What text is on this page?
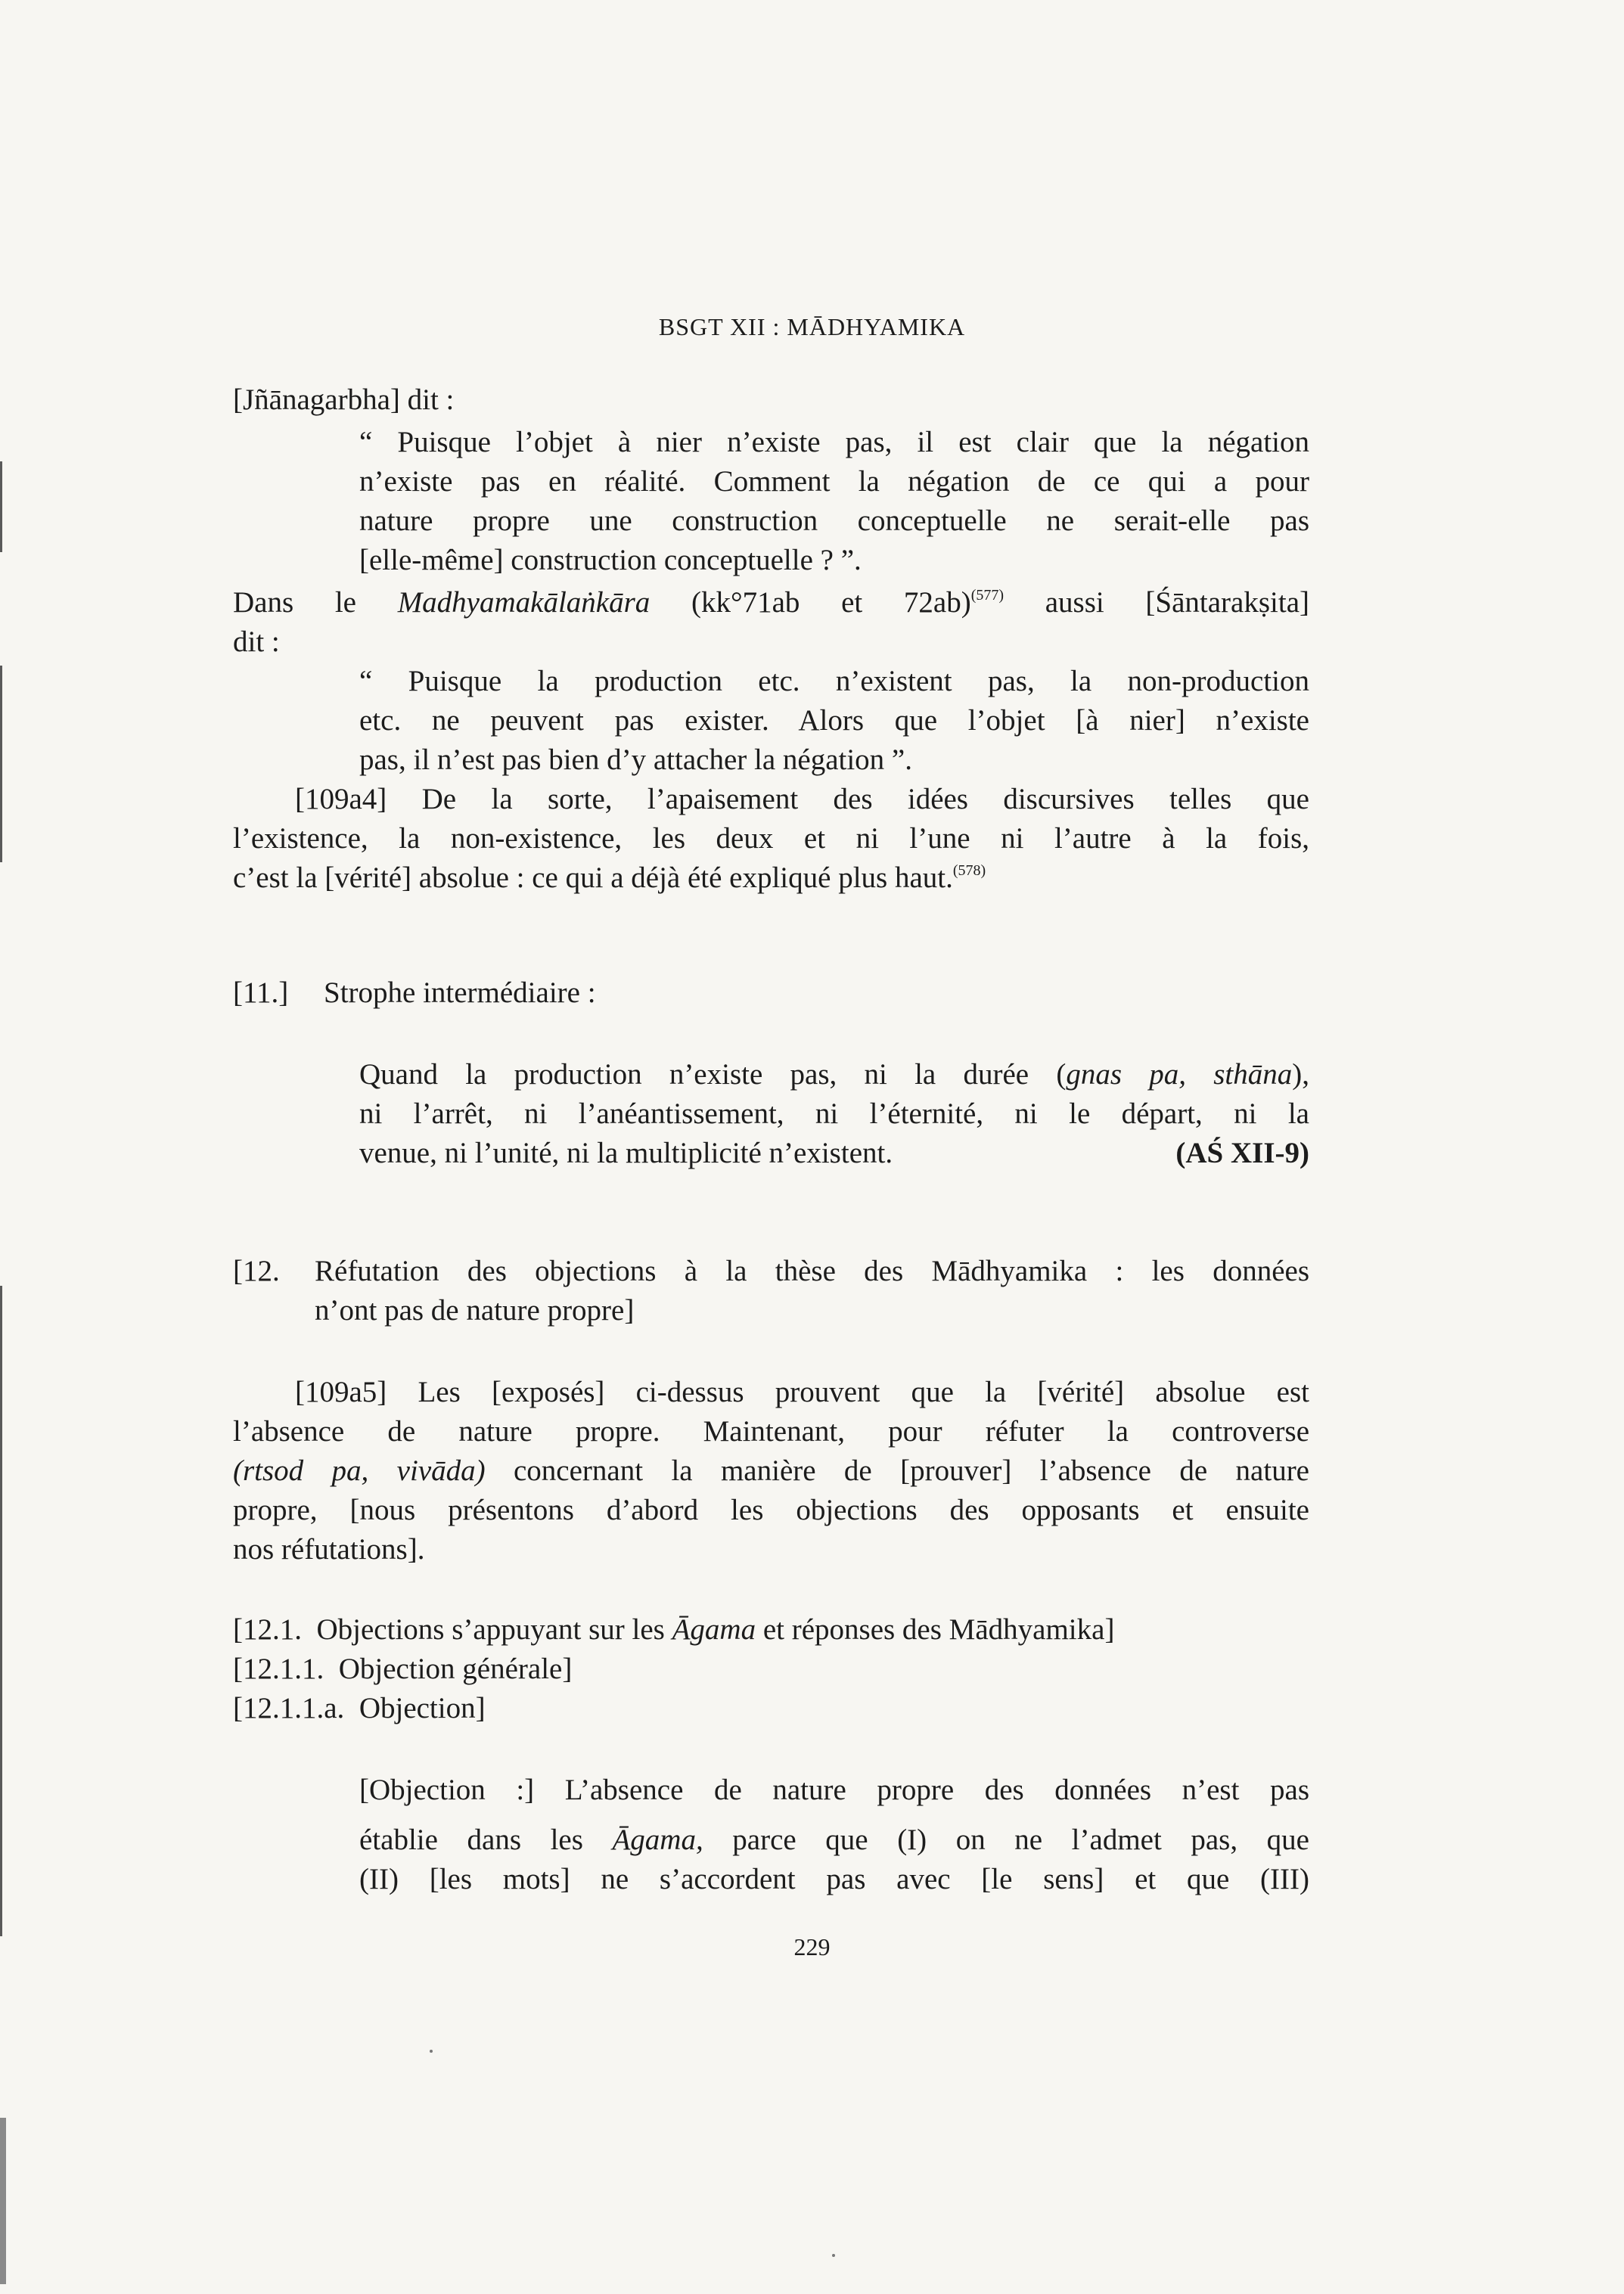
BSGT XII : MĀDHYAMIKA
[Jñānagarbha] dit :
“ Puisque l’objet à nier n’existe pas, il est clair que la négation
n’existe pas en réalité. Comment la négation de ce qui a pour
nature propre une construction conceptuelle ne serait-elle pas
[elle-même] construction conceptuelle ? ”.
Dans le Madhyamakālaṅkāra (kk°71ab et 72ab)$^{(577)}$ aussi [Śāntarakṣita]
dit :
“ Puisque la production etc. n’existent pas, la non-production
etc. ne peuvent pas exister. Alors que l’objet [à nier] n’existe
pas, il n’est pas bien d’y attacher la négation ”.
[109a4] De la sorte, l’apaisement des idées discursives telles que
l’existence, la non-existence, les deux et ni l’une ni l’autre à la fois,
c’est la [vérité] absolue : ce qui a déjà été expliqué plus haut.$^{(578)}$
[11.] Strophe intermédiaire :
Quand la production n’existe pas, ni la durée (gnas pa, sthāna),
ni l’arrêt, ni l’anéantissement, ni l’éternité, ni le départ, ni la
venue, ni l’unité, ni la multiplicité n’existent.	(AŚ XII-9)
[12. Réfutation des objections à la thèse des Mādhyamika : les données
n’ont pas de nature propre]
[109a5] Les [exposés] ci-dessus prouvent que la [vérité] absolue est
l’absence de nature propre. Maintenant, pour réfuter la controverse
(rtsod pa, vivāda) concernant la manière de [prouver] l’absence de nature
propre, [nous présentons d’abord les objections des opposants et ensuite
nos réfutations].
[12.1. Objections s’appuyant sur les Āgama et réponses des Mādhyamika]
[12.1.1. Objection générale]
[12.1.1.a. Objection]
[Objection :] L’absence de nature propre des données n’est pas
établie dans les Āgama, parce que (I) on ne l’admet pas, que
(II) [les mots] ne s’accordent pas avec [le sens] et que (III)
229
